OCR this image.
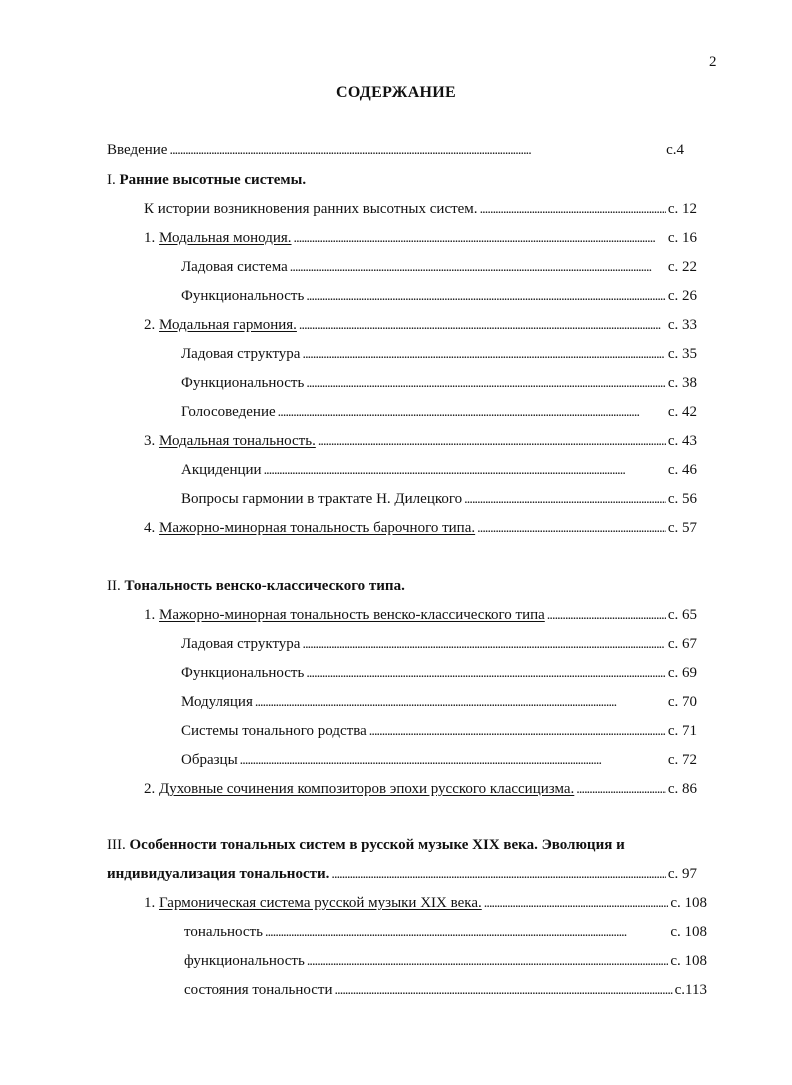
2
СОДЕРЖАНИЕ
Введение . . .	с.4
I.
Ранние высотные системы.
К истории возникновения ранних высотных систем. . . .	с. 12
1. Модальная монодия. . . .	с. 16
Ладовая система . . .	с. 22
Функциональность . . .	с. 26
2. Модальная гармония. . . .	с. 33
Ладовая структура . . .	с. 35
Функциональность . . .	с. 38
Голосоведение . . .	с. 42
3. Модальная тональность. . . .	с. 43
Акциденции . . .	с. 46
Вопросы гармонии в трактате Н. Дилецкого . . .	с. 56
4. Мажорно-минорная тональность барочного типа. . . .	с. 57
II.
Тональность венско-классического типа.
1. Мажорно-минорная тональность венско-классического типа . . .	с. 65
Ладовая структура . . .	с. 67
Функциональность . . .	с. 69
Модуляция . . .	с. 70
Системы тонального родства . . .	с. 71
Образцы . . .	с. 72
2. Духовные сочинения композиторов эпохи русского классицизма. . . .	с. 86
III.
Особенности тональных систем в русской музыке XIX века. Эволюция и
индивидуализация тональности. . . .	с. 97
1. Гармоническая система русской музыки XIX века. . . .	с. 108
тональность . . .	с. 108
функциональность . . .	с. 108
состояния тональности . . .	с.113
